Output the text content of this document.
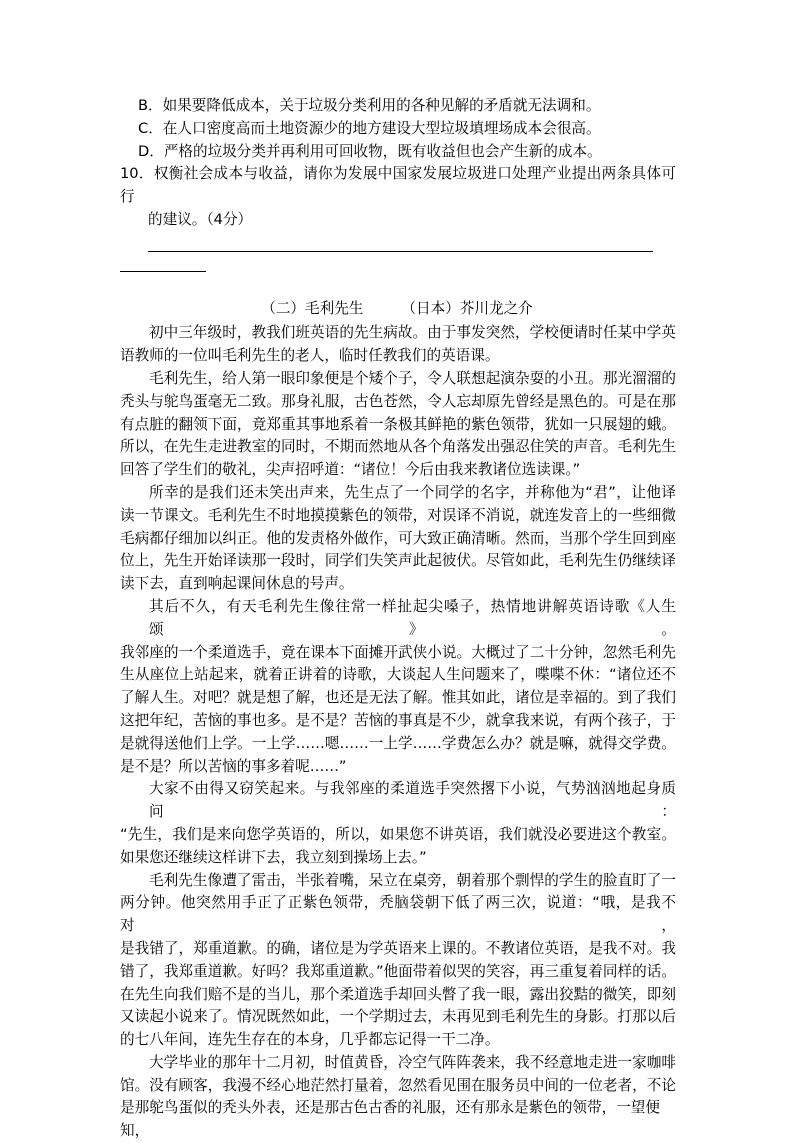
B．如果要降低成本，关于垃圾分类利用的各种见解的矛盾就无法调和。
C．在人口密度高而土地资源少的地方建设大型垃圾填埋场成本会很高。
D．严格的垃圾分类并再利用可回收物，既有收益但也会产生新的成本。
10．权衡社会成本与收益，请你为发展中国家发展垃圾进口处理产业提出两条具体可行
的建议。（4分）
（二）毛利先生	（日本）芥川龙之介
初中三年级时，教我们班英语的先生病故。由于事发突然，学校便请时任某中学英
语教师的一位叫毛利先生的老人，临时任教我们的英语课。
毛利先生，给人第一眼印象便是个矮个子，令人联想起演杂耍的小丑。那光溜溜的
秃头与鸵鸟蛋毫无二致。那身礼服，古色苍然，令人忘却原先曾经是黑色的。可是在那
有点脏的翻领下面，竟郑重其事地系着一条极其鲜艳的紫色领带，犹如一只展翅的蛾。
所以，在先生走进教室的同时，不期而然地从各个角落发出强忍住笑的声音。毛利先生
回答了学生们的敬礼，尖声招呼道：“诸位！今后由我来教诸位选读课。”
所幸的是我们还未笑出声来，先生点了一个同学的名字，并称他为“君”，让他译
读一节课文。毛利先生不时地摸摸紫色的领带，对误译不消说，就连发音上的一些细微
毛病都仔细加以纠正。他的发责格外做作，可大致正确清晰。然而，当那个学生回到座
位上，先生开始译读那一段时，同学们失笑声此起彼伏。尽管如此，毛利先生仍继续译
读下去，直到响起课间休息的号声。
其后不久，有天毛利先生像往常一样扯起尖嗓子，热情地讲解英语诗歌《人生颂》。
我邻座的一个柔道选手，竟在课本下面摊开武侠小说。大概过了二十分钟，忽然毛利先
生从座位上站起来，就着正讲着的诗歌，大谈起人生问题来了，喋喋不休：“诸位还不
了解人生。对吧？就是想了解，也还是无法了解。惟其如此，诸位是幸福的。到了我们
这把年纪，苦恼的事也多。是不是？苦恼的事真是不少，就拿我来说，有两个孩子，于
是就得送他们上学。一上学……嗯……一上学……学费怎么办？就是嘛，就得交学费。
是不是？所以苦恼的事多着呢……”
大家不由得又窃笑起来。与我邻座的柔道选手突然撂下小说，气势汹汹地起身质问：
“先生，我们是来向您学英语的，所以，如果您不讲英语，我们就没必要进这个教室。
如果您还继续这样讲下去，我立刻到操场上去。”
毛利先生像遭了雷击，半张着嘴，呆立在桌旁，朝着那个剽悍的学生的脸直盯了一
两分钟。他突然用手正了正紫色领带，秃脑袋朝下低了两三次，说道：“哦，是我不对，
是我错了，郑重道歉。的确，诸位是为学英语来上课的。不教诸位英语，是我不对。我
错了，我郑重道歉。好吗？我郑重道歉。”他面带着似哭的笑容，再三重复着同样的话。
在先生向我们赔不是的当儿，那个柔道选手却回头瞥了我一眼，露出狡黠的微笑，即刻
又读起小说来了。情况既然如此，一个学期过去，未再见到毛利先生的身影。打那以后
的七八年间，连先生存在的本身，几乎都忘记得一干二净。
大学毕业的那年十二月初，时值黄昏，冷空气阵阵袭来，我不经意地走进一家咖啡
馆。没有顾客，我漫不经心地茫然打量着，忽然看见围在服务员中间的一位老者，不论
是那鸵鸟蛋似的秃头外表，还是那古色古香的礼服，还有那永是紫色的领带，一望便知，
